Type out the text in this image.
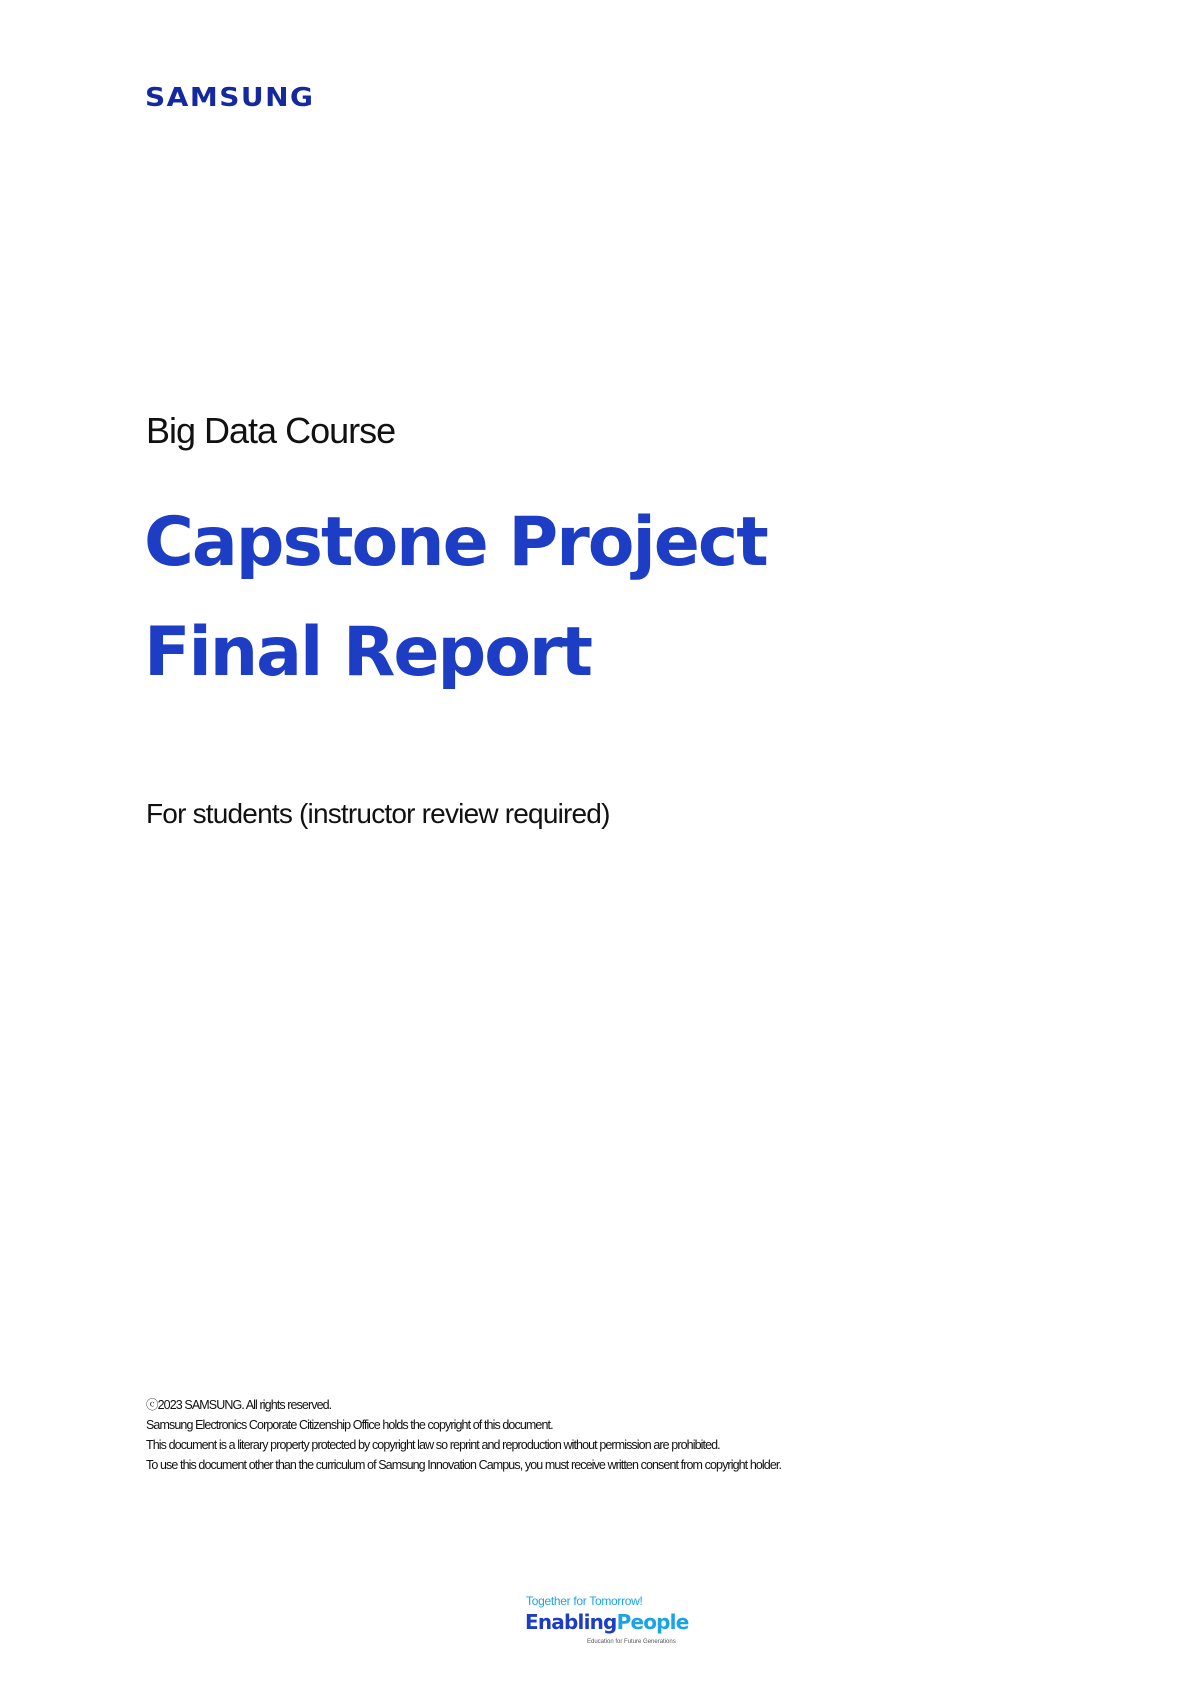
SAMSUNG
Big Data Course
Capstone Project
Final Report
For students (instructor review required)
ⓒ2023 SAMSUNG. All rights reserved.
Samsung Electronics Corporate Citizenship Office holds the copyright of this document.
This document is a literary property protected by copyright law so reprint and reproduction without permission are prohibited.
To use this document other than the curriculum of Samsung Innovation Campus, you must receive written consent from copyright holder.
Together for Tomorrow!
EnablingPeople
Education for Future Generations
